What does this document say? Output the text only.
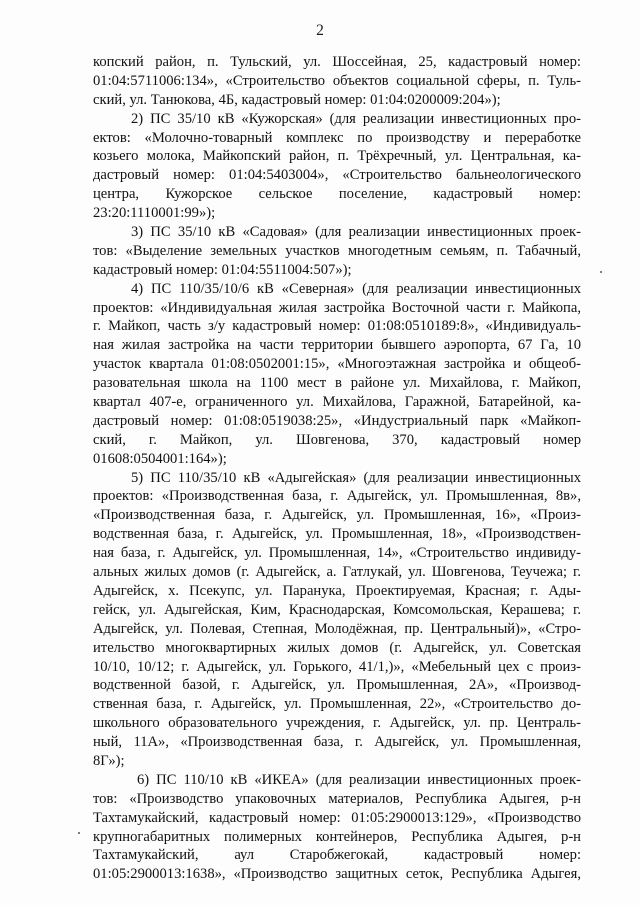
2
копский район, п. Тульский, ул. Шоссейная, 25, кадастровый номер:
01:04:5711006:134», «Строительство объектов социальной сферы, п. Туль-
ский, ул. Танюкова, 4Б, кадастровый номер: 01:04:0200009:204»);
2) ПС 35/10 кВ «Кужорская» (для реализации инвестиционных про-
ектов: «Молочно-товарный комплекс по производству и переработке
козьего молока, Майкопский район, п. Трёхречный, ул. Центральная, ка-
дастровый номер: 01:04:5403004», «Строительство бальнеологического
центра, Кужорское сельское поселение, кадастровый номер:
23:20:1110001:99»);
3) ПС 35/10 кВ «Садовая» (для реализации инвестиционных проек-
тов: «Выделение земельных участков многодетным семьям, п. Табачный,
кадастровый номер: 01:04:5511004:507»);
4) ПС 110/35/10/6 кВ «Северная» (для реализации инвестиционных
проектов: «Индивидуальная жилая застройка Восточной части г. Майкопа,
г. Майкоп, часть з/у кадастровый номер: 01:08:0510189:8», «Индивидуаль-
ная жилая застройка на части территории бывшего аэропорта, 67 Га, 10
участок квартала 01:08:0502001:15», «Многоэтажная застройка и общеоб-
разовательная школа на 1100 мест в районе ул. Михайлова, г. Майкоп,
квартал 407-е, ограниченного ул. Михайлова, Гаражной, Батарейной, ка-
дастровый номер: 01:08:0519038:25», «Индустриальный парк «Майкоп-
ский, г. Майкоп, ул. Шовгенова, 370, кадастровый номер
01608:0504001:164»);
5) ПС 110/35/10 кВ «Адыгейская» (для реализации инвестиционных
проектов: «Производственная база, г. Адыгейск, ул. Промышленная, 8в»,
«Производственная база, г. Адыгейск, ул. Промышленная, 16», «Произ-
водственная база, г. Адыгейск, ул. Промышленная, 18», «Производствен-
ная база, г. Адыгейск, ул. Промышленная, 14», «Строительство индивиду-
альных жилых домов (г. Адыгейск, а. Гатлукай, ул. Шовгенова, Теучежа; г.
Адыгейск, х. Псекупс, ул. Паранука, Проектируемая, Красная; г. Ады-
гейск, ул. Адыгейская, Ким, Краснодарская, Комсомольская, Керашева; г.
Адыгейск, ул. Полевая, Степная, Молодёжная, пр. Центральный)», «Стро-
ительство многоквартирных жилых домов (г. Адыгейск, ул. Советская
10/10, 10/12; г. Адыгейск, ул. Горького, 41/1,)», «Мебельный цех с произ-
водственной базой, г. Адыгейск, ул. Промышленная, 2А», «Производ-
ственная база, г. Адыгейск, ул. Промышленная, 22», «Строительство до-
школьного образовательного учреждения, г. Адыгейск, ул. пр. Централь-
ный, 11А», «Производственная база, г. Адыгейск, ул. Промышленная,
8Г»);
6) ПС 110/10 кВ «ИКЕА» (для реализации инвестиционных проек-
тов: «Производство упаковочных материалов, Республика Адыгея, р-н
Тахтамукайский, кадастровый номер: 01:05:2900013:129», «Производство
крупногабаритных полимерных контейнеров, Республика Адыгея, р-н
Тахтамукайский, аул Старобжегокай, кадастровый номер:
01:05:2900013:1638», «Производство защитных сеток, Республика Адыгея,
